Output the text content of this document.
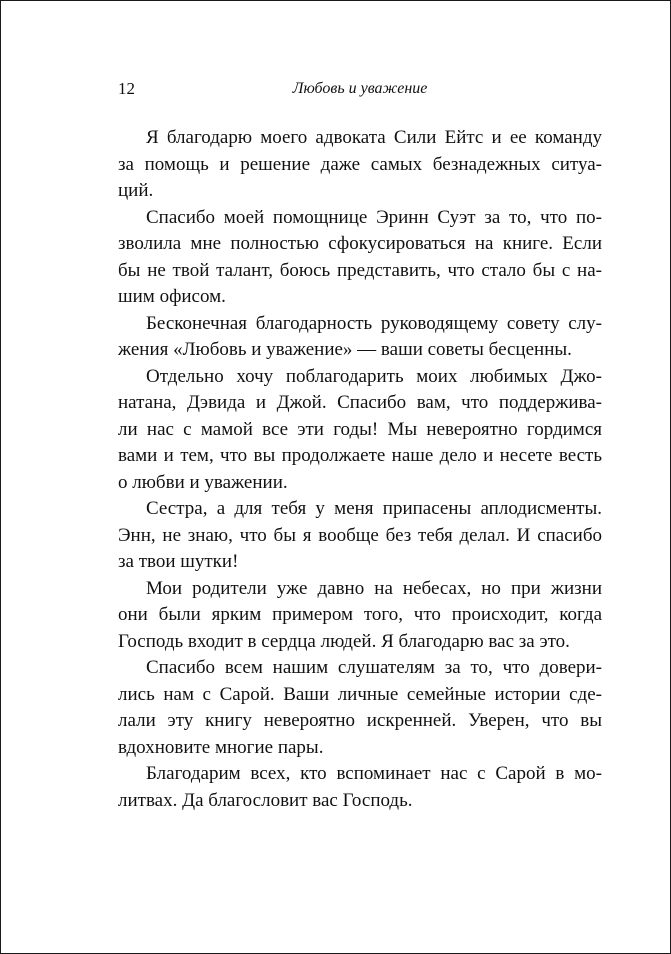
12	Любовь и уважение

Я благодарю моего адвоката Сили Ейтс и ее команду
за помощь и решение даже самых безнадежных ситуа-
ций.

Спасибо моей помощнице Эринн Суэт за то, что по-
зволила мне полностью сфокусироваться на книге. Если
бы не твой талант, боюсь представить, что стало бы с на-
шим офисом.

Бесконечная благодарность руководящему совету слу-
жения «Любовь и уважение» — ваши советы бесценны.

Отдельно хочу поблагодарить моих любимых Джо-
натана, Дэвида и Джой. Спасибо вам, что поддержива-
ли нас с мамой все эти годы! Мы невероятно гордимся
вами и тем, что вы продолжаете наше дело и несете весть
о любви и уважении.

Сестра, а для тебя у меня припасены аплодисменты.
Энн, не знаю, что бы я вообще без тебя делал. И спасибо
за твои шутки!

Мои родители уже давно на небесах, но при жизни
они были ярким примером того, что происходит, когда
Господь входит в сердца людей. Я благодарю вас за это.

Спасибо всем нашим слушателям за то, что довери-
лись нам с Сарой. Ваши личные семейные истории сде-
лали эту книгу невероятно искренней. Уверен, что вы
вдохновите многие пары.

Благодарим всех, кто вспоминает нас с Сарой в мо-
литвах. Да благословит вас Господь.
